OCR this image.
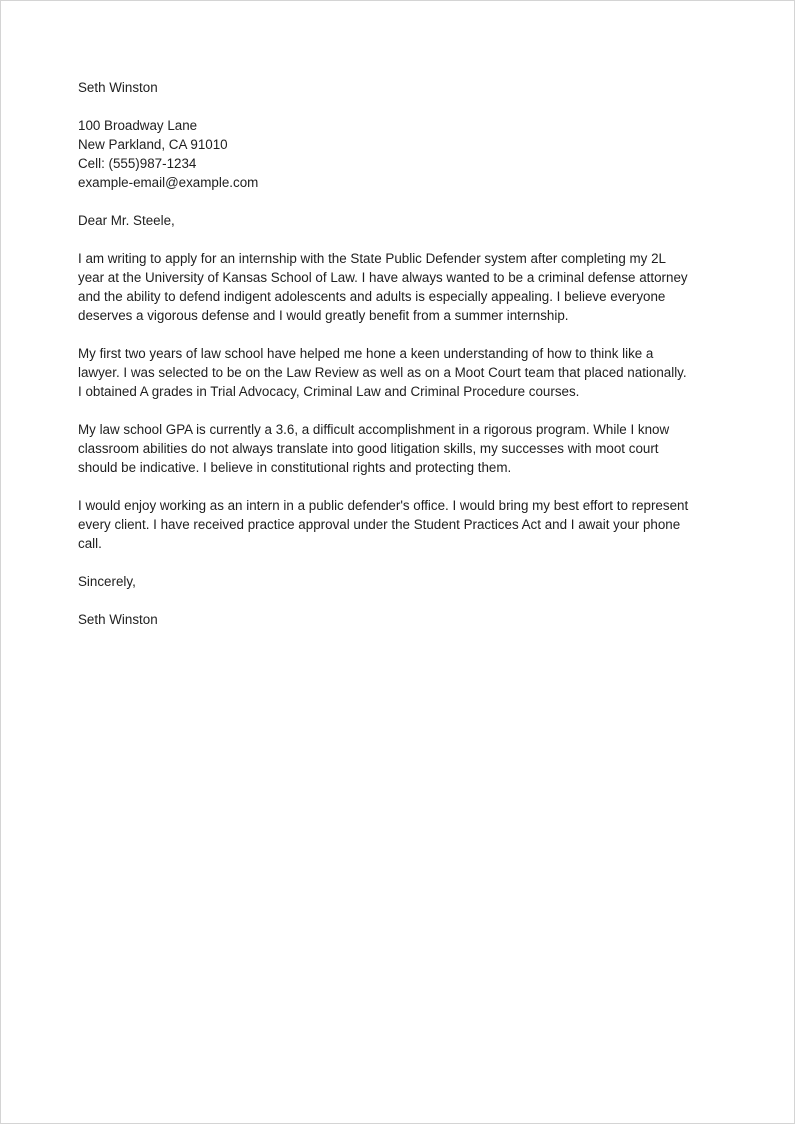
Seth Winston
100 Broadway Lane
New Parkland, CA 91010
Cell: (555)987-1234
example-email@example.com
Dear Mr. Steele,
I am writing to apply for an internship with the State Public Defender system after completing my 2L
year at the University of Kansas School of Law. I have always wanted to be a criminal defense attorney
and the ability to defend indigent adolescents and adults is especially appealing. I believe everyone
deserves a vigorous defense and I would greatly benefit from a summer internship.
My first two years of law school have helped me hone a keen understanding of how to think like a
lawyer. I was selected to be on the Law Review as well as on a Moot Court team that placed nationally.
I obtained A grades in Trial Advocacy, Criminal Law and Criminal Procedure courses.
My law school GPA is currently a 3.6, a difficult accomplishment in a rigorous program. While I know
classroom abilities do not always translate into good litigation skills, my successes with moot court
should be indicative. I believe in constitutional rights and protecting them.
I would enjoy working as an intern in a public defender's office. I would bring my best effort to represent
every client. I have received practice approval under the Student Practices Act and I await your phone
call.
Sincerely,
Seth Winston
